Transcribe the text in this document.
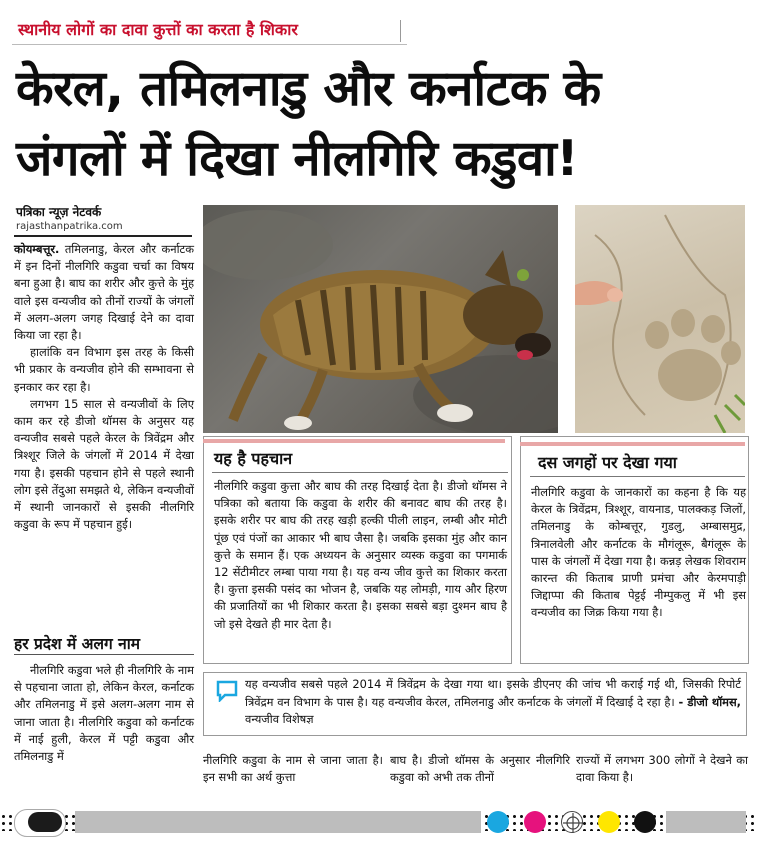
स्थानीय लोगों का दावा कुत्तों का करता है शिकार
केरल, तमिलनाडु और कर्नाटक के
जंगलों में दिखा नीलगिरि कडुवा!
पत्रिका न्यूज़ नेटवर्क
rajasthanpatrika.com

कोयम्बत्तूर. तमिलनाडु, केरल और कर्नाटक में इन दिनों नीलगिरि कडुवा चर्चा का विषय बना हुआ है। बाघ का शरीर और कुत्ते के मुंह वाले इस वन्यजीव को तीनों राज्यों के जंगलों में अलग-अलग जगह दिखाई देने का दावा किया जा रहा है।

हालांकि वन विभाग इस तरह के किसी भी प्रकार के वन्यजीव होने की सम्भावना से इनकार कर रहा है।

लगभग 15 साल से वन्यजीवों के लिए काम कर रहे डीजो थॉमस के अनुसर यह वन्यजीव सबसे पहले केरल के त्रिवेंद्रम और त्रिश्शूर जिले के जंगलों में 2014 में देखा गया है। इसकी पहचान होने से पहले स्थानी लोग इसे तेंदुआ समझते थे, लेकिन वन्यजीवों में स्थानी जानकारों से इसकी नीलगिरि कडुवा के रूप में पहचान हुई।

हर प्रदेश में अलग नाम

नीलगिरि कडुवा भले ही नीलगिरि के नाम से पहचाना जाता हो, लेकिन केरल, कर्नाटक और तमिलनाडु में इसे अलग-अलग नाम से जाना जाता है। नीलगिरि कडुवा को कर्नाटक में नाई हुली, केरल में पट्टी कडुवा और तमिलनाडु में

यह है पहचान
नीलगिरि कडुवा कुत्ता और बाघ की तरह दिखाई देता है। डीजो थॉमस ने पत्रिका को बताया कि कडुवा के शरीर की बनावट बाघ की तरह है। इसके शरीर पर बाघ की तरह खड़ी हल्की पीली लाइन, लम्बी और मोटी पूंछ एवं पंजों का आकार भी बाघ जैसा है। जबकि इसका मुंह और कान कुत्ते के समान हैं। एक अध्ययन के अनुसार व्यस्क कडुवा का पगमार्क 12 सेंटीमीटर लम्बा पाया गया है। यह वन्य जीव कुत्ते का शिकार करता है। कुत्ता इसकी पसंद का भोजन है, जबकि यह लोमड़ी, गाय और हिरण की प्रजातियों का भी शिकार करता है। इसका सबसे बड़ा दुश्मन बाघ है जो इसे देखते ही मार देता है।
दस जगहों पर देखा गया
नीलगिरि कडुवा के जानकारों का कहना है कि यह केरल के त्रिवेंद्रम, त्रिश्शूर, वायनाड, पालक्कड़ जिलों, तमिलनाडु के कोम्बत्तूर, गुडलु, अम्बासमुद्र, त्रिनालवेली और कर्नाटक के मौगंलूरू, बैगंलूरू के पास के जंगलों में देखा गया है। कन्नड़ लेखक शिवराम कारन्त की किताब प्राणी प्रमंचा और केरमपाड़ी जिद्दाप्पा की किताब पेट्टई नीम्पुकलु में भी इस वन्यजीव का जिक्र किया गया है।
यह वन्यजीव सबसे पहले 2014 में त्रिवेंद्रम के देखा गया था। इसके डीएनए की जांच भी कराई गई थी, जिसकी रिपोर्ट त्रिवेंद्रम वन विभाग के पास है। यह वन्यजीव केरल, तमिलनाडु और कर्नाटक के जंगलों में दिखाई दे रहा है। - डीजो थॉमस, वन्यजीव विशेषज्ञ
नीलगिरि कडुवा के नाम से जाना जाता है। इन सभी का अर्थ कुत्ता
बाघ है। डीजो थॉमस के अनुसार नीलगिरि कडुवा को अभी तक तीनों
राज्यों में लगभग 300 लोगों ने देखने का दावा किया है।
